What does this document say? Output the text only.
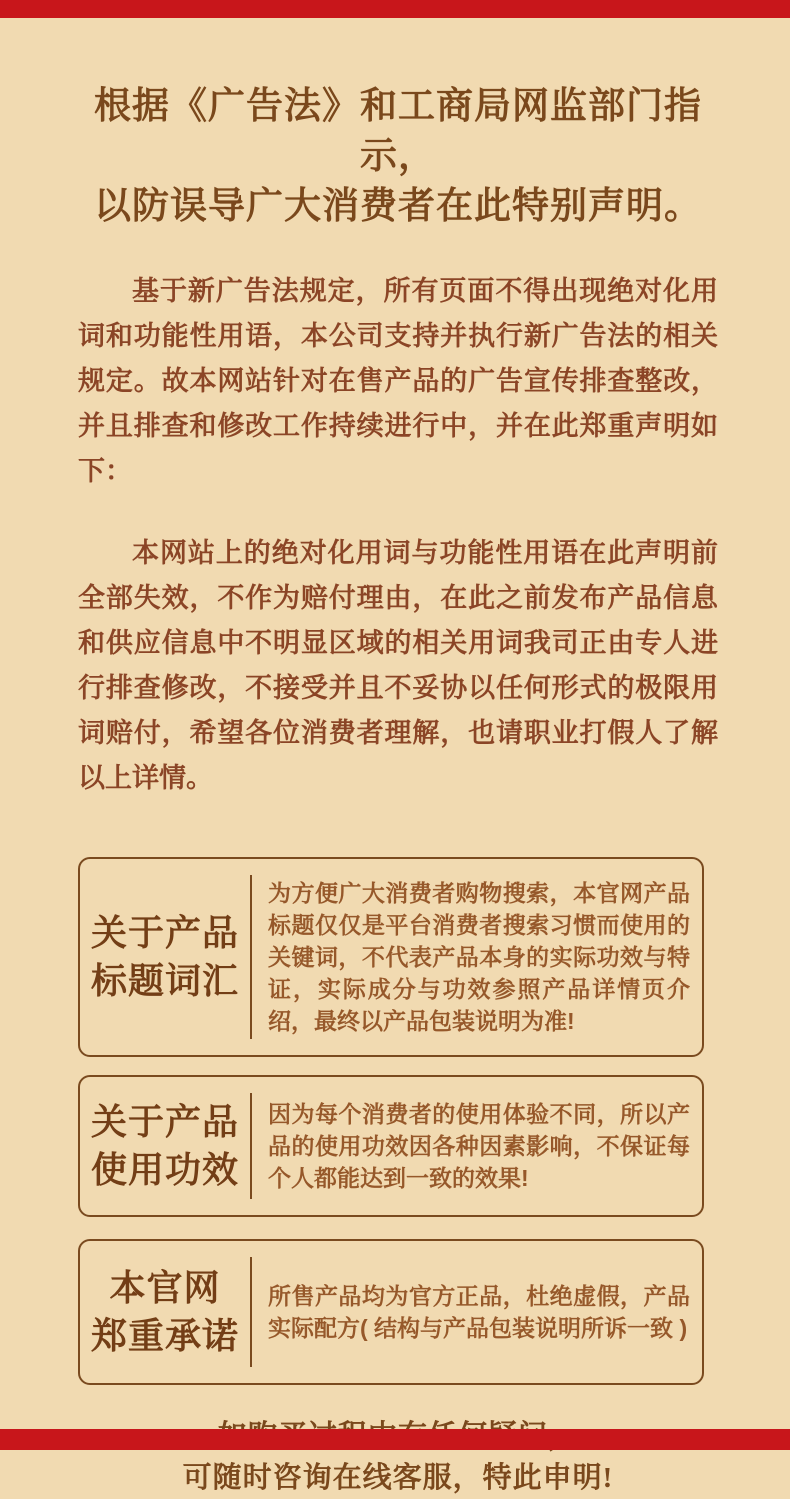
根据《广告法》和工商局网监部门指示，
以防误导广大消费者在此特别声明。

基于新广告法规定，所有页面不得出现绝对化用词和功能性用语，本公司支持并执行新广告法的相关规定。故本网站针对在售产品的广告宣传排查整改，并且排查和修改工作持续进行中，并在此郑重声明如下：

本网站上的绝对化用词与功能性用语在此声明前全部失效，不作为赔付理由，在此之前发布产品信息和供应信息中不明显区域的相关用词我司正由专人进行排查修改，不接受并且不妥协以任何形式的极限用词赔付，希望各位消费者理解，也请职业打假人了解以上详情。

关于产品
标题词汇
为方便广大消费者购物搜索，本官网产品标题仅仅是平台消费者搜索习惯而使用的关键词，不代表产品本身的实际功效与特证，实际成分与功效参照产品详情页介绍，最终以产品包装说明为准!
关于产品
使用功效
因为每个消费者的使用体验不同，所以产品的使用功效因各种因素影响，不保证每个人都能达到一致的效果!
本官网
郑重承诺
所售产品均为官方正品，杜绝虚假，产品实际配方( 结构与产品包装说明所诉一致 )

可随时咨询在线客服，特此申明!
